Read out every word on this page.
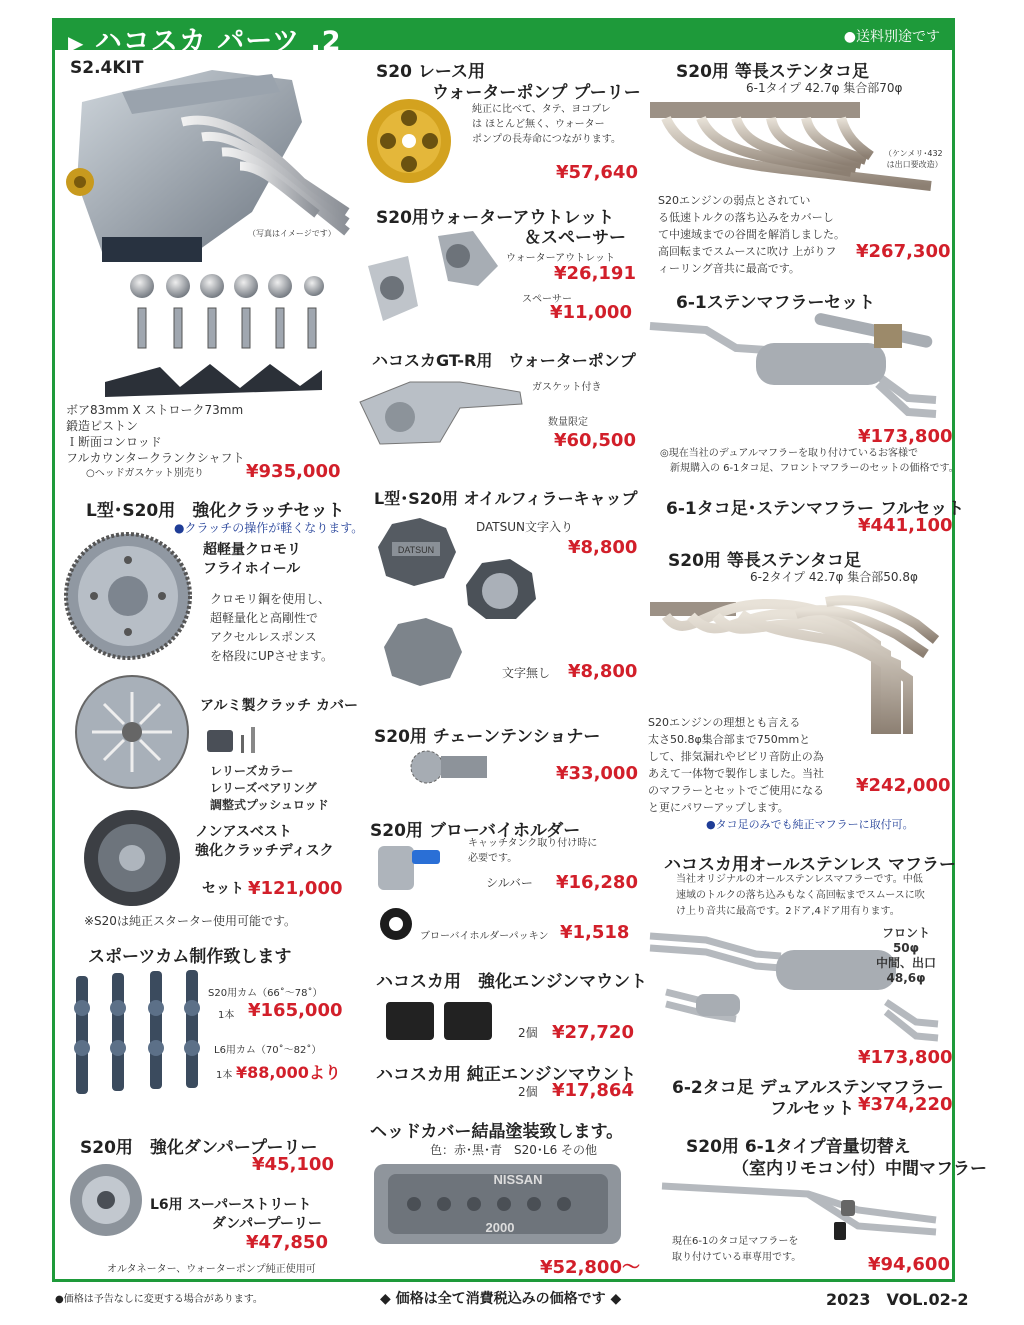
▶ ハコスカ パーツ .2	●送料別途です
S2.4KIT
（写真はイメージです）
ボア83mm X ストローク73mm
鍛造ピストン
Ｉ断面コンロッド
フルカウンタークランクシャフト
○ヘッドガスケット別売り ¥935,000
L型･S20用　強化クラッチセット
●クラッチの操作が軽くなります。
超軽量クロモリ
フライホイール
クロモリ鋼を使用し、
超軽量化と高剛性で
アクセルレスポンス
を格段にUPさせます。
アルミ製クラッチ カバー
レリーズカラー
レリーズベアリング
調整式プッシュロッド
ノンアスベスト
強化クラッチディスク
セット ¥121,000
※S20は純正スターター使用可能です。
スポーツカム制作致します
S20用カム（66˚～78˚）
1本 ¥165,000
L6用カム（70˚～82˚）
1本 ¥88,000より
S20用　強化ダンパープーリー
¥45,100
L6用 スーパーストリート
ダンパープーリー
¥47,850
オルタネーター、ウォーターポンプ純正使用可
S20 レース用
ウォーターポンプ プーリー
純正に比べて、タテ、ヨコブレ
は ほとんど無く、ウォーター
ポンプの長寿命につながります。
¥57,640
S20用ウォーターアウトレット
＆スペーサー
ウォーターアウトレット
¥26,191
スペーサー
¥11,000
ハコスカGT-R用　ウォーターポンプ
ガスケット付き
数量限定
¥60,500
L型･S20用 オイルフィラーキャップ
DATSUN
DATSUN文字入り
¥8,800
文字無し ¥8,800
S20用 チェーンテンショナー
¥33,000
S20用 ブローバイホルダー
キャッチタンク取り付け時に
必要です。
シルバー ¥16,280
ブローバイホルダーパッキン ¥1,518
ハコスカ用　強化エンジンマウント
2個 ¥27,720
ハコスカ用 純正エンジンマウント
2個 ¥17,864
ヘッドカバー結晶塗装致します。
色：赤･黒･青　S20･L6 その他
NISSAN
2000
¥52,800～
S20用 等長ステンタコ足
6-1タイプ 42.7φ 集合部70φ
（ケンメリ･432
は出口要改造）
S20エンジンの弱点とされてい
る低速トルクの落ち込みをカバーし
て中速域までの谷間を解消しました。
高回転までスムースに吹け 上がりフ
ィーリング音共に最高です。
¥267,300
6-1ステンマフラーセット
¥173,800
◎現在当社のデュアルマフラーを取り付けているお客様で
新規購入の 6-1タコ足、フロントマフラーのセットの価格です。
6-1タコ足･ステンマフラー フルセット
¥441,100
S20用 等長ステンタコ足
6-2タイプ 42.7φ 集合部50.8φ
S20エンジンの理想とも言える
太さ50.8φ集合部まで750mmと
して、排気漏れやビビリ音防止の為
あえて一体物で製作しました。当社
のマフラーとセットでご使用になる
と更にパワーアップします。
¥242,000
●タコ足のみでも純正マフラーに取付可。
ハコスカ用オールステンレス マフラー
当社オリジナルのオールステンレスマフラーです。中低
速域のトルクの落ち込みもなく高回転までスムースに吹
け上り音共に最高です。2ドア,4ドア用有ります。
フロント
50φ
中間、出口
48,6φ
¥173,800
6-2タコ足 デュアルステンマフラー
フルセット ¥374,220
S20用 6-1タイプ音量切替え
（室内リモコン付）中間マフラー
現在6-1のタコ足マフラーを
取り付けている車専用です。	¥94,600
●価格は予告なしに変更する場合があります。	◆ 価格は全て消費税込みの価格です ◆	2023　VOL.02-2
